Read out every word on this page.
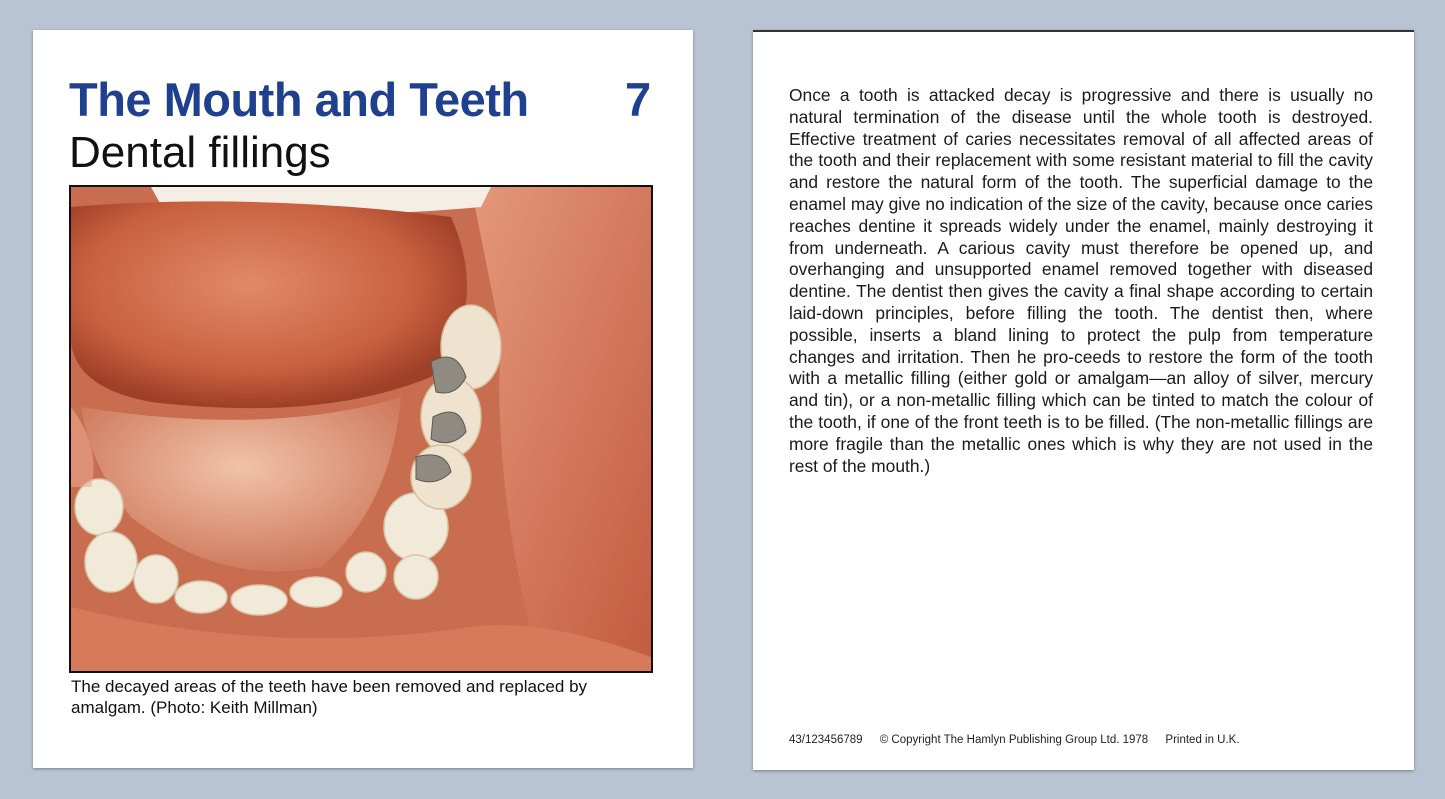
The Mouth and Teeth 7
Dental fillings
The decayed areas of the teeth have been removed and replaced by amalgam. (Photo: Keith Millman)
Once a tooth is attacked decay is progressive and there is usually no natural termination of the disease until the whole tooth is destroyed. Effective treatment of caries necessitates removal of all affected areas of the tooth and their replacement with some resistant material to fill the cavity and restore the natural form of the tooth. The superficial damage to the enamel may give no indication of the size of the cavity, because once caries reaches dentine it spreads widely under the enamel, mainly destroying it from underneath. A carious cavity must therefore be opened up, and overhanging and unsupported enamel removed together with diseased dentine. The dentist then gives the cavity a final shape according to certain laid-down principles, before filling the tooth. The dentist then, where possible, inserts a bland lining to protect the pulp from temperature changes and irritation. Then he pro-ceeds to restore the form of the tooth with a metallic filling (either gold or amalgam—an alloy of silver, mercury and tin), or a non-metallic filling which can be tinted to match the colour of the tooth, if one of the front teeth is to be filled. (The non-metallic fillings are more fragile than the metallic ones which is why they are not used in the rest of the mouth.)
43/123456789 © Copyright The Hamlyn Publishing Group Ltd. 1978 Printed in U.K.
